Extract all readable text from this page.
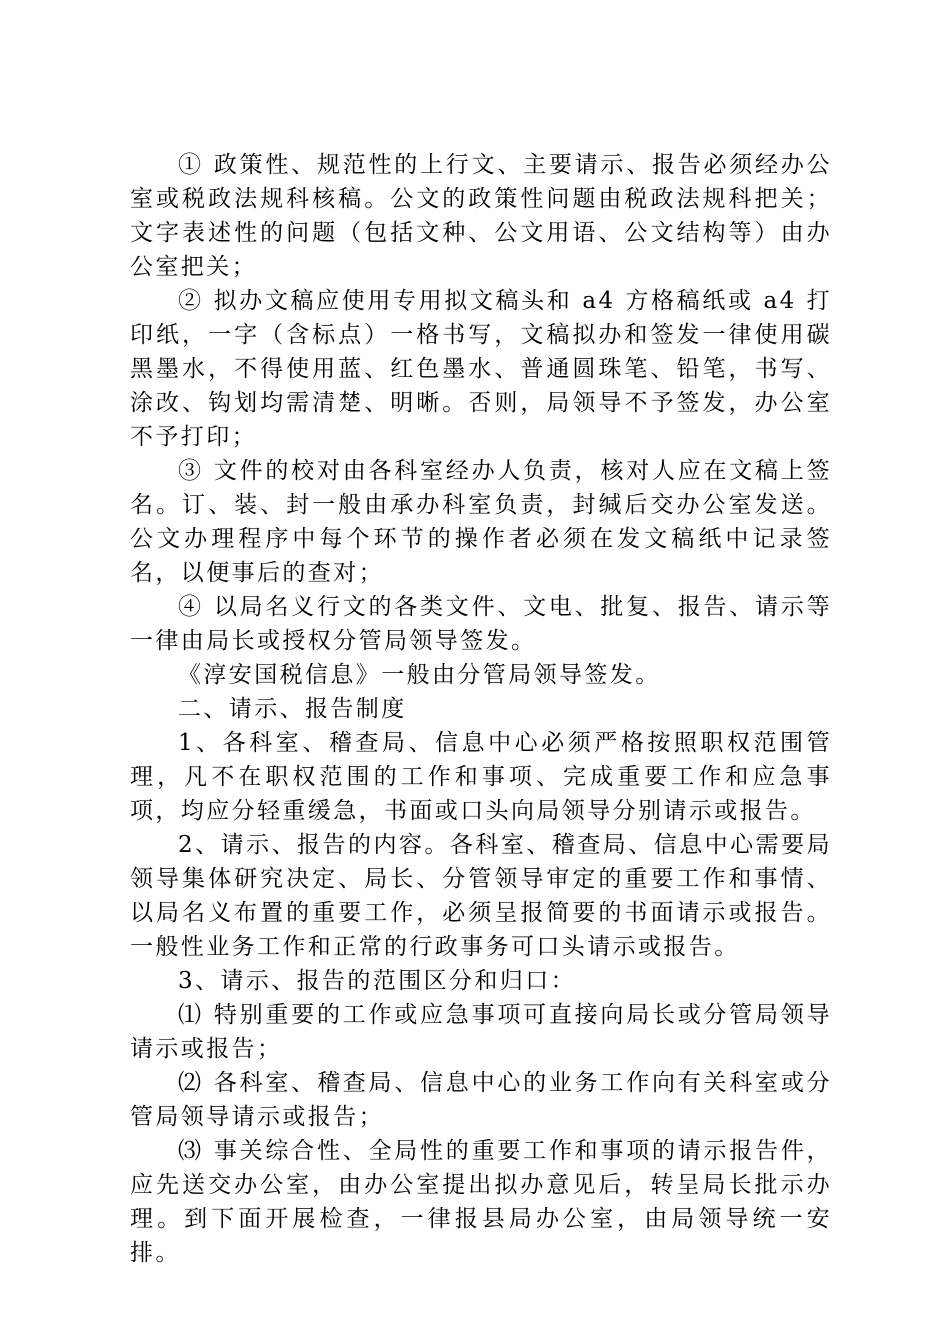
① 政策性、规范性的上行文、主要请示、报告必须经办公室或税政法规科核稿。公文的政策性问题由税政法规科把关；文字表述性的问题（包括文种、公文用语、公文结构等）由办公室把关；

② 拟办文稿应使用专用拟文稿头和 a4 方格稿纸或 a4 打印纸，一字（含标点）一格书写，文稿拟办和签发一律使用碳黑墨水，不得使用蓝、红色墨水、普通圆珠笔、铅笔，书写、涂改、钩划均需清楚、明晰。否则，局领导不予签发，办公室不予打印；

③ 文件的校对由各科室经办人负责，核对人应在文稿上签名。订、装、封一般由承办科室负责，封缄后交办公室发送。公文办理程序中每个环节的操作者必须在发文稿纸中记录签名，以便事后的查对；

④ 以局名义行文的各类文件、文电、批复、报告、请示等一律由局长或授权分管局领导签发。

《淳安国税信息》一般由分管局领导签发。

二、请示、报告制度

1、各科室、稽查局、信息中心必须严格按照职权范围管理，凡不在职权范围的工作和事项、完成重要工作和应急事项，均应分轻重缓急，书面或口头向局领导分别请示或报告。

2、请示、报告的内容。各科室、稽查局、信息中心需要局领导集体研究决定、局长、分管领导审定的重要工作和事情、以局名义布置的重要工作，必须呈报简要的书面请示或报告。一般性业务工作和正常的行政事务可口头请示或报告。

3、请示、报告的范围区分和归口：

⑴ 特别重要的工作或应急事项可直接向局长或分管局领导请示或报告；

⑵ 各科室、稽查局、信息中心的业务工作向有关科室或分管局领导请示或报告；

⑶ 事关综合性、全局性的重要工作和事项的请示报告件，应先送交办公室，由办公室提出拟办意见后，转呈局长批示办理。到下面开展检查，一律报县局办公室，由局领导统一安排。
